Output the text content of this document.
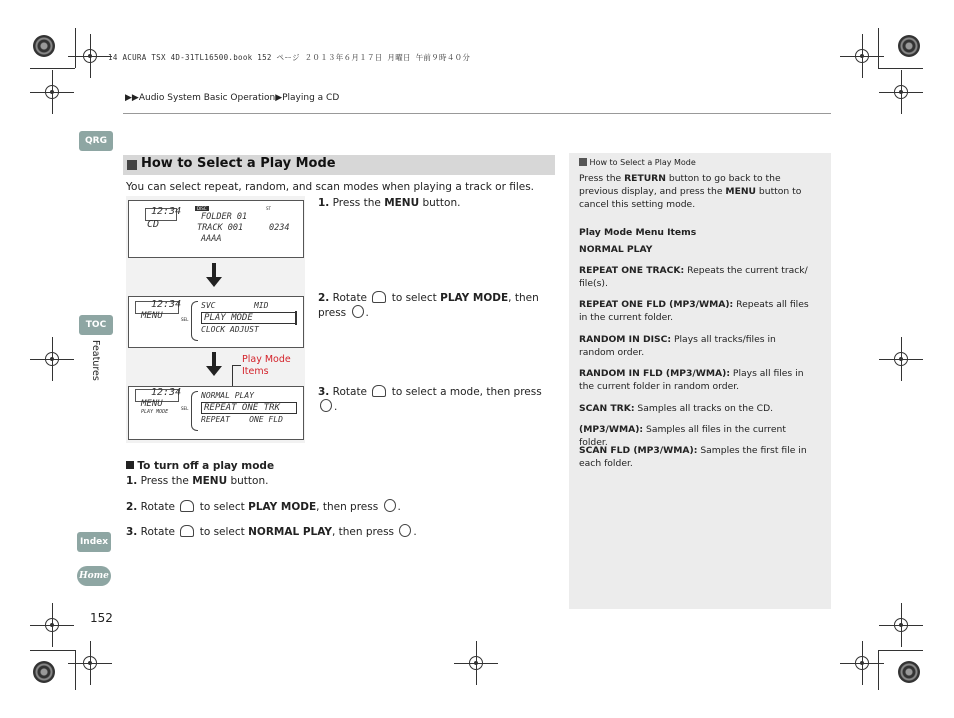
14 ACURA TSX 4D-31TL16500.book 152 ページ ２０１３年６月１７日 月曜日 午前９時４０分
▶▶Audio System Basic Operation▶Playing a CD
QRG
TOC
Features
Index
Home
152
How to Select a Play Mode
You can select repeat, random, and scan modes when playing a track or files.
12:34
CD
DISC	ST
FOLDER 01
TRACK 001	0234
AAAA
12:34
MENU	SEL
SVC        MID
PLAY MODE
CLOCK ADJUST
Play Mode Items
12:34
MENU
PLAY MODE
SEL
NORMAL PLAY
REPEAT ONE TRK
REPEAT    ONE FLD
1. Press the MENU button.
2. Rotate  to select PLAY MODE, then press .
3. Rotate  to select a mode, then press .
To turn off a play mode
1. Press the MENU button.
2. Rotate  to select PLAY MODE, then press .
3. Rotate  to select NORMAL PLAY, then press .
How to Select a Play Mode
Press the RETURN button to go back to the previous display, and press the MENU button to cancel this setting mode.
Play Mode Menu Items
NORMAL PLAY
REPEAT ONE TRACK: Repeats the current track/ file(s).
REPEAT ONE FLD (MP3/WMA): Repeats all files in the current folder.
RANDOM IN DISC: Plays all tracks/files in random order.
RANDOM IN FLD (MP3/WMA): Plays all files in the current folder in random order.
SCAN TRK: Samples all tracks on the CD.
(MP3/WMA): Samples all files in the current folder.
SCAN FLD (MP3/WMA): Samples the first file in each folder.
